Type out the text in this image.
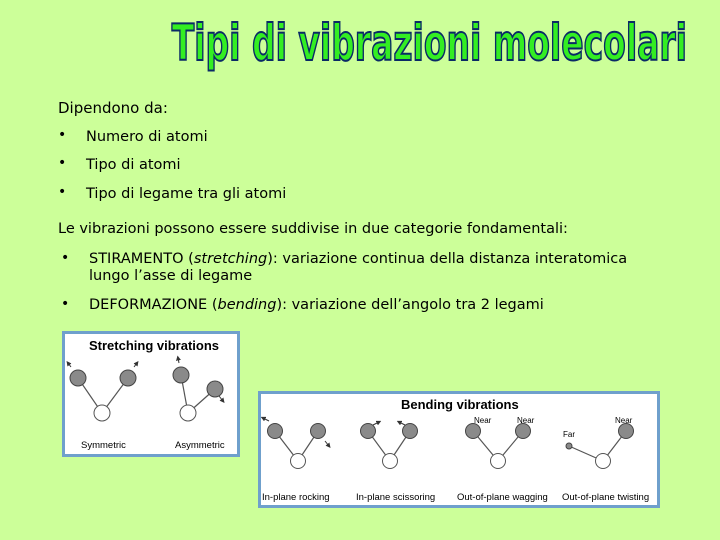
Tipi di vibrazioni molecolari
Dipendono da:
• Numero di atomi
• Tipo di atomi
• Tipo di legame tra gli atomi
Le vibrazioni possono essere suddivise in due categorie fondamentali:
• STIRAMENTO (stretching): variazione continua della distanza interatomica
lungo l’asse di legame
• DEFORMAZIONE (bending): variazione dell’angolo tra 2 legami
Stretching vibrations
Symmetric	Asymmetric
Bending vibrations
Near	Near
Far
Near
In-plane rocking	In-plane scissoring Out-of-plane wagging Out-of-plane twisting
